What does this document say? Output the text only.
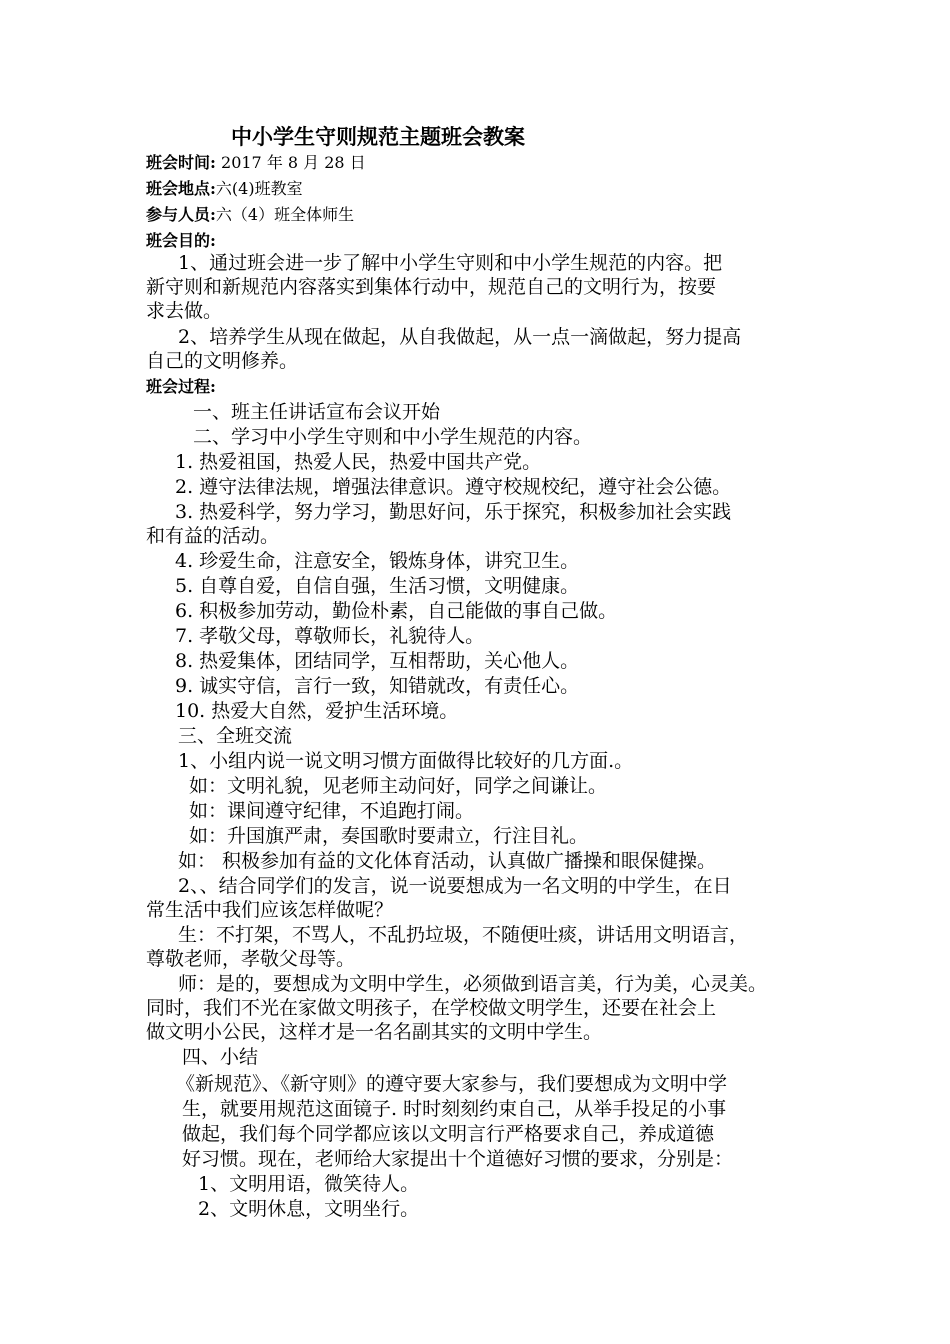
中小学生守则规范主题班会教案
班会时间: 2017 年 8 月 28 日
班会地点:六(4)班教室
参与人员:六（4）班全体师生
班会目的:
1、通过班会进一步了解中小学生守则和中小学生规范的内容。把
新守则和新规范内容落实到集体行动中，规范自己的文明行为，按要
求去做。
2、培养学生从现在做起，从自我做起，从一点一滴做起，努力提高
自己的文明修养。
班会过程:
一、班主任讲话宣布会议开始
二、学习中小学生守则和中小学生规范的内容。
1. 热爱祖国，热爱人民，热爱中国共产党。
2. 遵守法律法规，增强法律意识。遵守校规校纪，遵守社会公德。
3. 热爱科学，努力学习，勤思好问，乐于探究，积极参加社会实践
和有益的活动。
4. 珍爱生命，注意安全，锻炼身体，讲究卫生。
5. 自尊自爱，自信自强，生活习惯，文明健康。
6. 积极参加劳动，勤俭朴素，自己能做的事自己做。
7. 孝敬父母，尊敬师长，礼貌待人。
8. 热爱集体，团结同学，互相帮助，关心他人。
9. 诚实守信，言行一致，知错就改，有责任心。
10. 热爱大自然，爱护生活环境。
三、全班交流
1、小组内说一说文明习惯方面做得比较好的几方面.。
如：文明礼貌，见老师主动问好，同学之间谦让。
如：课间遵守纪律，不追跑打闹。
如：升国旗严肃，奏国歌时要肃立，行注目礼。
如： 积极参加有益的文化体育活动，认真做广播操和眼保健操。
2、、结合同学们的发言，说一说要想成为一名文明的中学生，在日
常生活中我们应该怎样做呢？
生：不打架，不骂人，不乱扔垃圾，不随便吐痰，讲话用文明语言，
尊敬老师，孝敬父母等。
师：是的，要想成为文明中学生，必须做到语言美，行为美，心灵美。
同时，我们不光在家做文明孩子，在学校做文明学生，还要在社会上
做文明小公民，这样才是一名名副其实的文明中学生。
四、小结
《新规范》、《新守则》的遵守要大家参与，我们要想成为文明中学
生，就要用规范这面镜子. 时时刻刻约束自己，从举手投足的小事
做起，我们每个同学都应该以文明言行严格要求自己，养成道德
好习惯。现在，老师给大家提出十个道德好习惯的要求，分别是：
1、文明用语，微笑待人。
2、文明休息，文明坐行。
